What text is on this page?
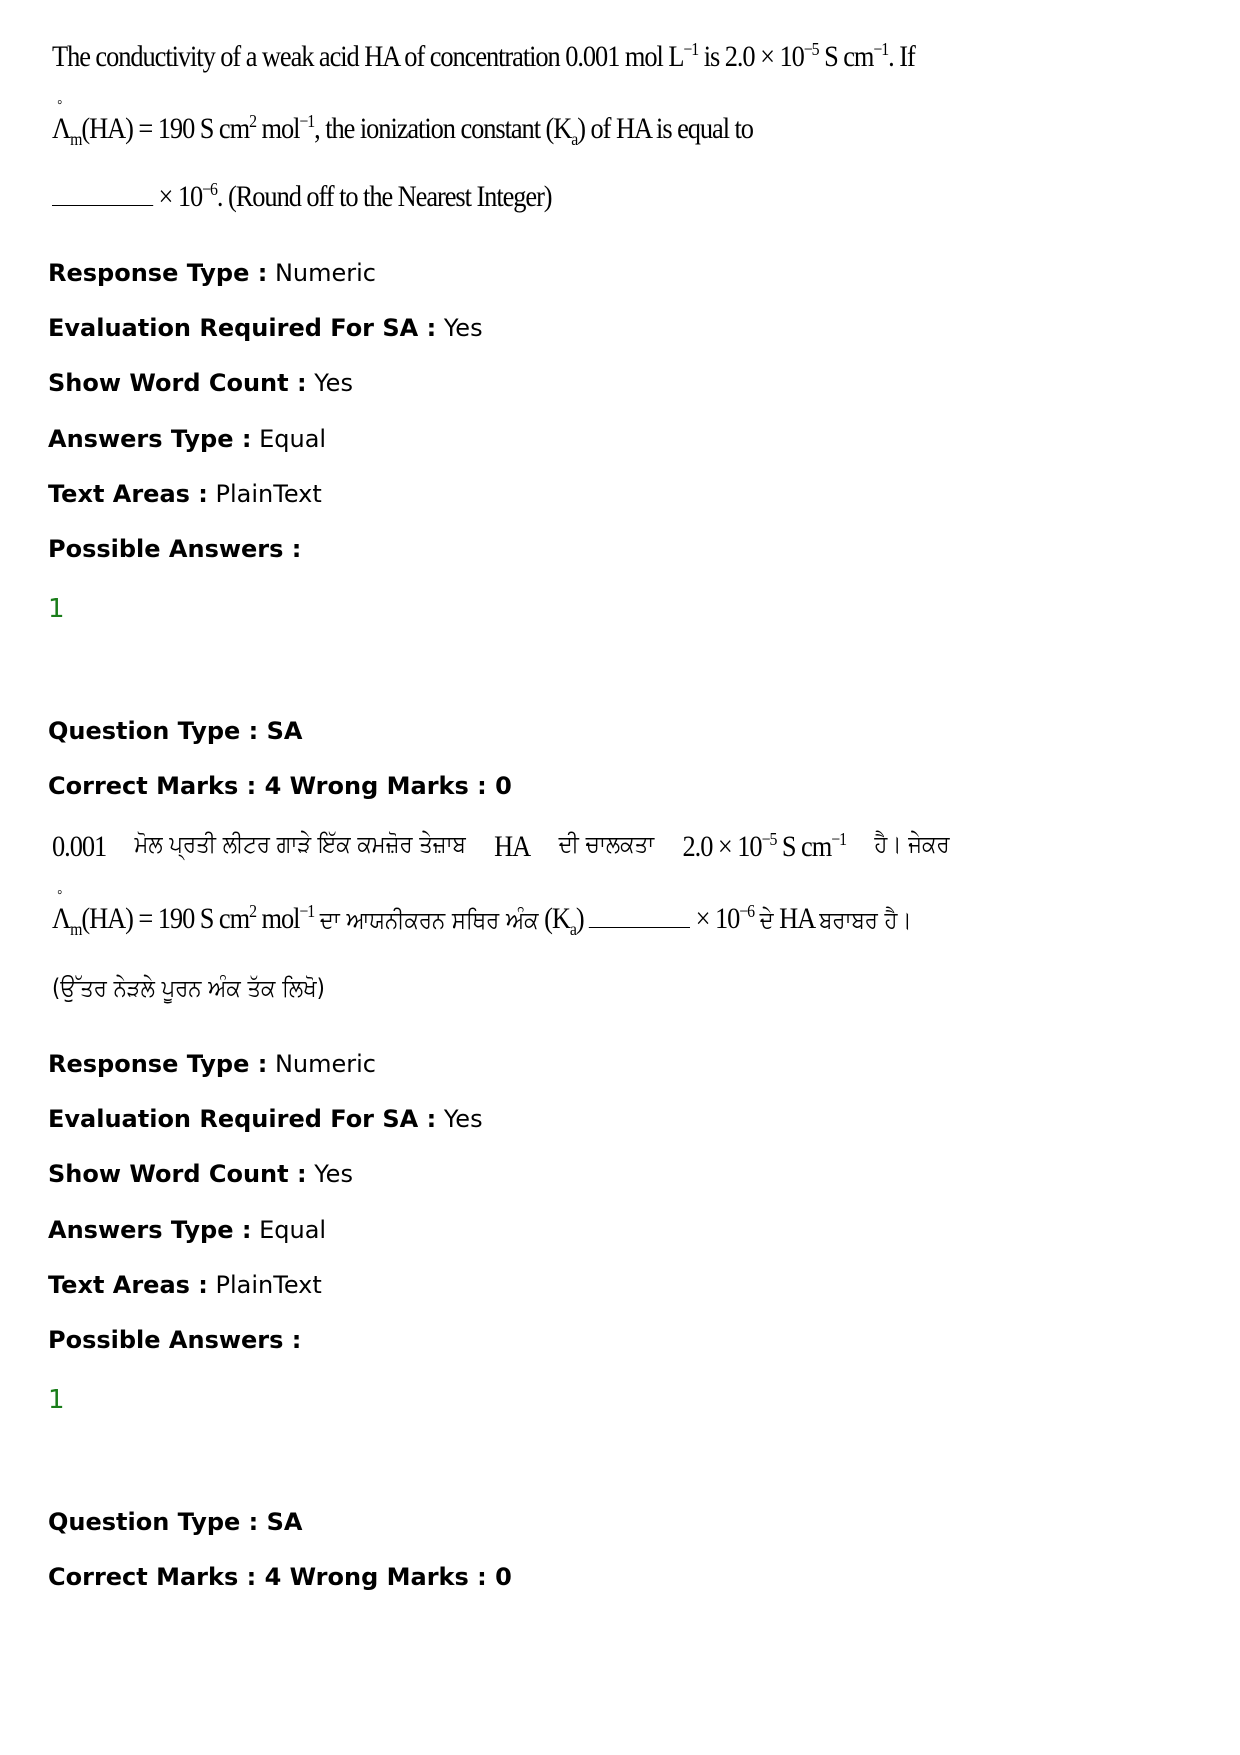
The conductivity of a weak acid HA of concentration 0.001 mol $L^{-1}$ is $2.0 \times 10^{-5}$ S $cm^{-1}$. If
°
$\Lambda_m(HA) = 190$ S $cm^2$ mol$^{-1}$, the ionization constant $(K_a)$ of HA is equal to
× $10^{-6}$. (Round off to the Nearest Integer)
Response Type : Numeric
Evaluation Required For SA : Yes
Show Word Count : Yes
Answers Type : Equal
Text Areas : PlainText
Possible Answers :
1
Question Type : SA
Correct Marks : 4 Wrong Marks : 0
0.001 ਮੋਲ ਪ੍ਰਤੀ ਲੀਟਰ ਗਾੜੇ ਇੱਕ ਕਮਜ਼ੋਰ ਤੇਜ਼ਾਬ HA ਦੀ ਚਾਲਕਤਾ $2.0 \times 10^{-5}$ S $cm^{-1}$ ਹੈ। ਜੇਕਰ
°
$\Lambda_m(HA) = 190$ S $cm^2$ mol$^{-1}$ ਦਾ ਆਯਨੀਕਰਨ ਸਥਿਰ ਅੰਕ $(K_a)$	× $10^{-6}$ ਦੇ HA ਬਰਾਬਰ ਹੈ।
(ਉੱਤਰ ਨੇੜਲੇ ਪੂਰਨ ਅੰਕ ਤੱਕ ਲਿਖੋ)
Response Type : Numeric
Evaluation Required For SA : Yes
Show Word Count : Yes
Answers Type : Equal
Text Areas : PlainText
Possible Answers :
1
Question Type : SA
Correct Marks : 4 Wrong Marks : 0
